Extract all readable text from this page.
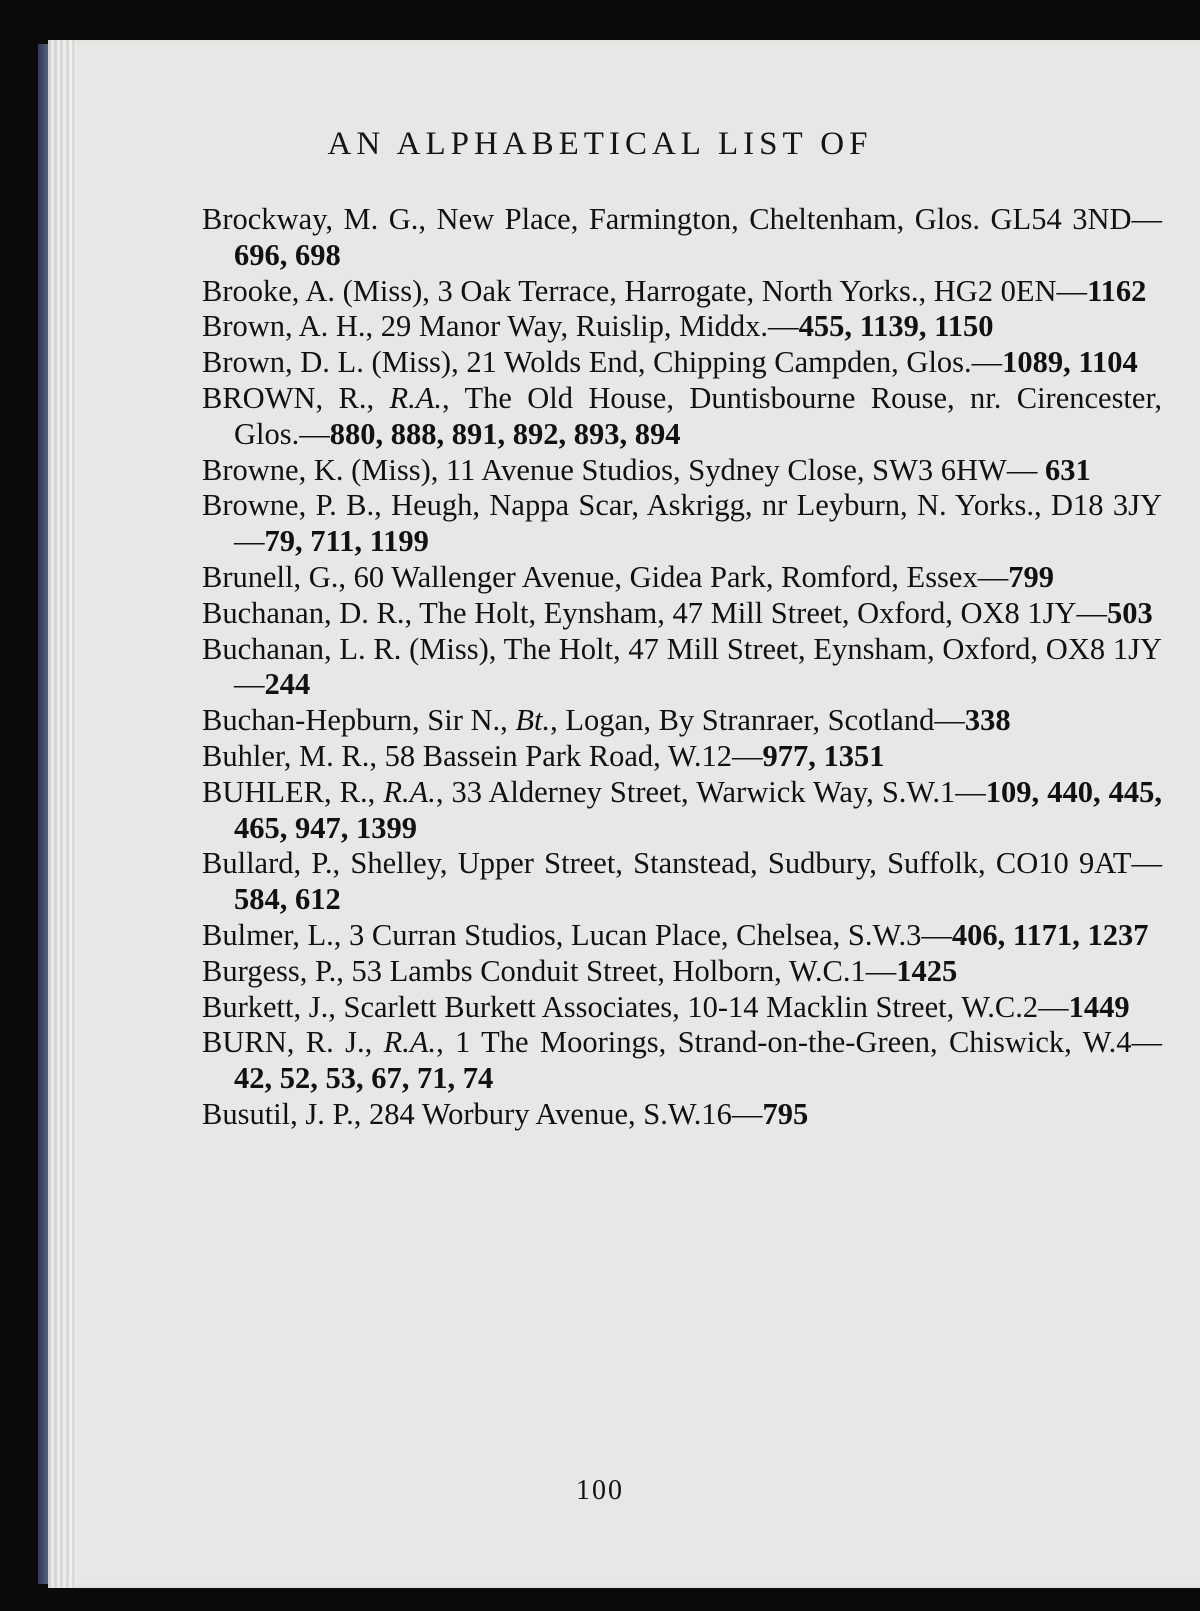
AN ALPHABETICAL LIST OF
Brockway, M. G., New Place, Farmington, Cheltenham, Glos. GL54 3ND—696, 698
Brooke, A. (Miss), 3 Oak Terrace, Harrogate, North Yorks., HG2 0EN—1162
Brown, A. H., 29 Manor Way, Ruislip, Middx.—455, 1139, 1150
Brown, D. L. (Miss), 21 Wolds End, Chipping Campden, Glos.—1089, 1104
BROWN, R., R.A., The Old House, Duntisbourne Rouse, nr. Cirencester, Glos.—880, 888, 891, 892, 893, 894
Browne, K. (Miss), 11 Avenue Studios, Sydney Close, SW3 6HW— 631
Browne, P. B., Heugh, Nappa Scar, Askrigg, nr Leyburn, N. Yorks., D18 3JY—79, 711, 1199
Brunell, G., 60 Wallenger Avenue, Gidea Park, Romford, Essex—799
Buchanan, D. R., The Holt, Eynsham, 47 Mill Street, Oxford, OX8 1JY—503
Buchanan, L. R. (Miss), The Holt, 47 Mill Street, Eynsham, Oxford, OX8 1JY—244
Buchan-Hepburn, Sir N., Bt., Logan, By Stranraer, Scotland—338
Buhler, M. R., 58 Bassein Park Road, W.12—977, 1351
BUHLER, R., R.A., 33 Alderney Street, Warwick Way, S.W.1—109, 440, 445, 465, 947, 1399
Bullard, P., Shelley, Upper Street, Stanstead, Sudbury, Suffolk, CO10 9AT—584, 612
Bulmer, L., 3 Curran Studios, Lucan Place, Chelsea, S.W.3—406, 1171, 1237
Burgess, P., 53 Lambs Conduit Street, Holborn, W.C.1—1425
Burkett, J., Scarlett Burkett Associates, 10-14 Macklin Street, W.C.2—1449
BURN, R. J., R.A., 1 The Moorings, Strand-on-the-Green, Chiswick, W.4—42, 52, 53, 67, 71, 74
Busutil, J. P., 284 Worbury Avenue, S.W.16—795
100
